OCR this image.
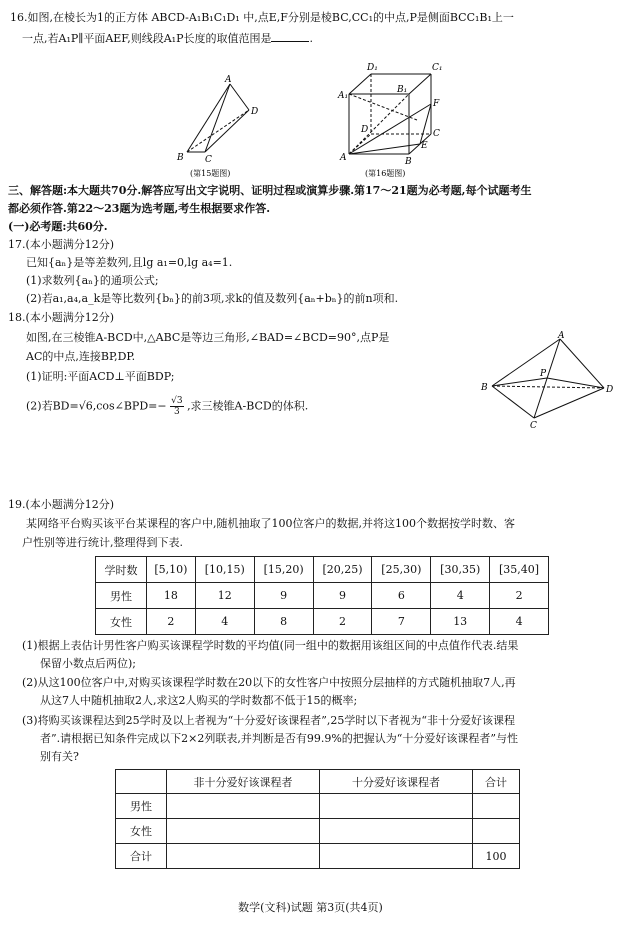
16.如图,在棱长为1的正方体 ABCD-A₁B₁C₁D₁ 中,点E,F分别是棱BC,CC₁的中点,P是侧面BCC₁B₁上一
一点,若A₁P∥平面AEF,则线段A₁P长度的取值范围是	.
A
D
B C
(第15题图)
D₁	C₁
A₁
B₁
F
D	C
E
A	B
(第16题图)
三、解答题:本大题共70分.解答应写出文字说明、证明过程或演算步骤.第17～21题为必考题,每个试题考生
都必须作答.第22～23题为选考题,考生根据要求作答.
(一)必考题:共60分.
17.(本小题满分12分)
已知{aₙ}是等差数列,且lg a₁=0,lg a₄=1.
(1)求数列{aₙ}的通项公式;
(2)若a₁,a₄,a_k是等比数列{bₙ}的前3项,求k的值及数列{aₙ+bₙ}的前n项和.
18.(本小题满分12分)
如图,在三棱锥A-BCD中,△ABC是等边三角形,∠BAD=∠BCD=90°,点P是
AC的中点,连接BP,DP.
(1)证明:平面ACD⊥平面BDP;
(2)若BD=√6,cos∠BPD=− $\frac{√3}{3}$ ,求三棱锥A-BCD的体积.
A
P
B	D
C
19.(本小题满分12分)
某网络平台购买该平台某课程的客户中,随机抽取了100位客户的数据,并将这100个数据按学时数、客
户性别等进行统计,整理得到下表.
学时数	[5,10)	[10,15)	[15,20)	[20,25)	[25,30)	[30,35)	[35,40]
男性	18	12	9	9	6	4	2
女性	2	4	8	2	7	13	4
(1)根据上表估计男性客户购买该课程学时数的平均值(同一组中的数据用该组区间的中点值作代表.结果
保留小数点后两位);
(2)从这100位客户中,对购买该课程学时数在20以下的女性客户中按照分层抽样的方式随机抽取7人,再
从这7人中随机抽取2人,求这2人购买的学时数都不低于15的概率;
(3)将购买该课程达到25学时及以上者视为“十分爱好该课程者”,25学时以下者视为“非十分爱好该课程
者”.请根据已知条件完成以下2×2列联表,并判断是否有99.9%的把握认为“十分爱好该课程者”与性
别有关?
	非十分爱好该课程者	十分爱好该课程者	合计
男性			
女性			
合计			100
数学(文科)试题 第3页(共4页)
